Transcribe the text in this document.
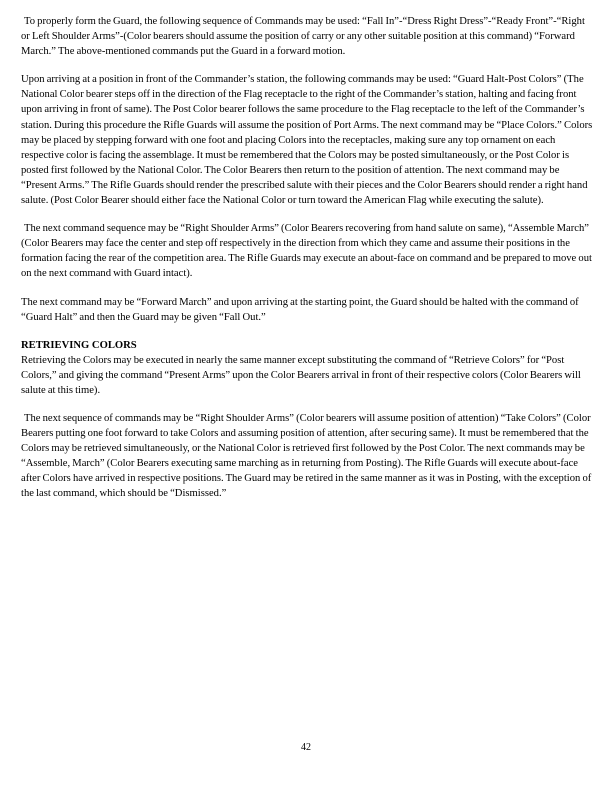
To properly form the Guard, the following sequence of Commands may be used: “Fall In”-“Dress Right Dress”-“Ready Front”-“Right or Left Shoulder Arms”-(Color bearers should assume the position of carry or any other suitable position at this command) “Forward March.” The above-mentioned commands put the Guard in a forward motion.

Upon arriving at a position in front of the Commander’s station, the following commands may be used: “Guard Halt-Post Colors” (The National Color bearer steps off in the direction of the Flag receptacle to the right of the Commander’s station, halting and facing front upon arriving in front of same). The Post Color bearer follows the same procedure to the Flag receptacle to the left of the Commander’s station. During this procedure the Rifle Guards will assume the position of Port Arms. The next command may be “Place Colors.” Colors may be placed by stepping forward with one foot and placing Colors into the receptacles, making sure any top ornament on each respective color is facing the assemblage. It must be remembered that the Colors may be posted simultaneously, or the Post Color is posted first followed by the National Color. The Color Bearers then return to the position of attention. The next command may be “Present Arms.” The Rifle Guards should render the prescribed salute with their pieces and the Color Bearers should render a right hand salute. (Post Color Bearer should either face the National Color or turn toward the American Flag while executing the salute).

The next command sequence may be “Right Shoulder Arms” (Color Bearers recovering from hand salute on same), “Assemble March” (Color Bearers may face the center and step off respectively in the direction from which they came and assume their positions in the formation facing the rear of the competition area. The Rifle Guards may execute an about-face on command and be prepared to move out on the next command with Guard intact).

The next command may be “Forward March” and upon arriving at the starting point, the Guard should be halted with the command of “Guard Halt” and then the Guard may be given “Fall Out.”

RETRIEVING COLORS

Retrieving the Colors may be executed in nearly the same manner except substituting the command of “Retrieve Colors” for “Post Colors,” and giving the command “Present Arms” upon the Color Bearers arrival in front of their respective colors (Color Bearers will salute at this time).

The next sequence of commands may be “Right Shoulder Arms” (Color bearers will assume position of attention) “Take Colors” (Color Bearers putting one foot forward to take Colors and assuming position of attention, after securing same). It must be remembered that the Colors may be retrieved simultaneously, or the National Color is retrieved first followed by the Post Color. The next commands may be “Assemble, March” (Color Bearers executing same marching as in returning from Posting). The Rifle Guards will execute about-face after Colors have arrived in respective positions. The Guard may be retired in the same manner as it was in Posting, with the exception of the last command, which should be “Dismissed.”

42
